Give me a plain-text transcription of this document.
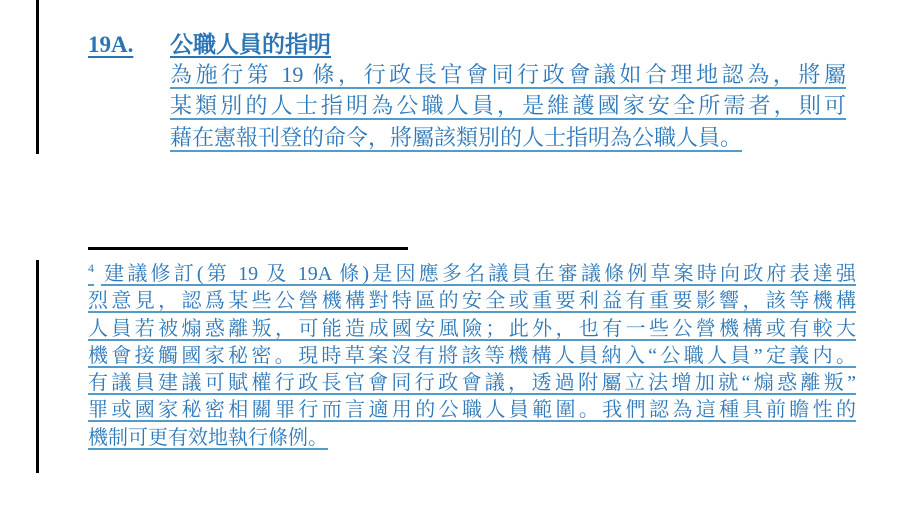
19A. 公職人員的指明
為施行第 19 條，行政長官會同行政會議如合理地認為，將屬
某類別的人士指明為公職人員，是維護國家安全所需者，則可
藉在憲報刊登的命令，將屬該類別的人士指明為公職人員。
$^4$ 建議修訂(第 19 及 19A 條)是因應多名議員在審議條例草案時向政府表達强
烈意見，認爲某些公營機構對特區的安全或重要利益有重要影響，該等機構
人員若被煽惑離叛，可能造成國安風險；此外，也有一些公營機構或有較大
機會接觸國家秘密。現時草案沒有將該等機構人員納入“公職人員”定義内。
有議員建議可賦權行政長官會同行政會議，透過附屬立法增加就“煽惑離叛”
罪或國家秘密相關罪行而言適用的公職人員範圍。我們認為這種具前瞻性的
機制可更有效地執行條例。
